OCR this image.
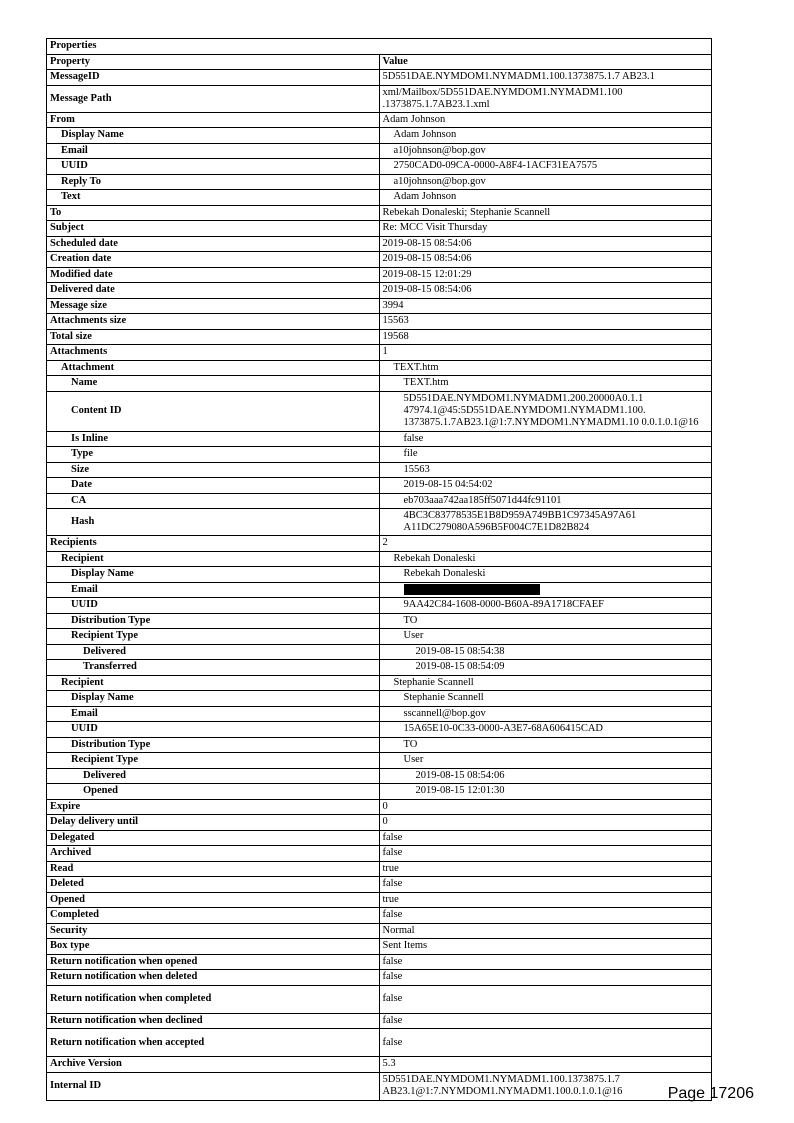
Properties	
Property	Value
MessageID	5D551DAE.NYMDOM1.NYMADM1.100.1373875.1.7 AB23.1
Message Path	xml/Mailbox/5D551DAE.NYMDOM1.NYMADM1.100 .1373875.1.7AB23.1.xml
From	Adam Johnson
Display Name	Adam Johnson
Email	a10johnson@bop.gov
UUID	2750CAD0-09CA-0000-A8F4-1ACF31EA7575
Reply To	a10johnson@bop.gov
Text	Adam Johnson
To	Rebekah Donaleski; Stephanie Scannell
Subject	Re: MCC Visit Thursday
Scheduled date	2019-08-15 08:54:06
Creation date	2019-08-15 08:54:06
Modified date	2019-08-15 12:01:29
Delivered date	2019-08-15 08:54:06
Message size	3994
Attachments size	15563
Total size	19568
Attachments	1
Attachment	TEXT.htm
Name	TEXT.htm
Content ID	5D551DAE.NYMDOM1.NYMADM1.200.20000A0.1.1 47974.1@45:5D551DAE.NYMDOM1.NYMADM1.100. 1373875.1.7AB23.1@1:7.NYMDOM1.NYMADM1.10 0.0.1.0.1@16
Is Inline	false
Type	file
Size	15563
Date	2019-08-15 04:54:02
CA	eb703aaa742aa185ff5071d44fc91101
Hash	4BC3C83778535E1B8D959A749BB1C97345A97A61 A11DC279080A596B5F004C7E1D82B824
Recipients	2
Recipient	Rebekah Donaleski
Display Name	Rebekah Donaleski
Email	
UUID	9AA42C84-1608-0000-B60A-89A1718CFAEF
Distribution Type	TO
Recipient Type	User
Delivered	2019-08-15 08:54:38
Transferred	2019-08-15 08:54:09
Recipient	Stephanie Scannell
Display Name	Stephanie Scannell
Email	sscannell@bop.gov
UUID	15A65E10-0C33-0000-A3E7-68A606415CAD
Distribution Type	TO
Recipient Type	User
Delivered	2019-08-15 08:54:06
Opened	2019-08-15 12:01:30
Expire	0
Delay delivery until	0
Delegated	false
Archived	false
Read	true
Deleted	false
Opened	true
Completed	false
Security	Normal
Box type	Sent Items
Return notification when opened	false
Return notification when deleted	false
Return notification when completed	false
Return notification when declined	false
Return notification when accepted	false
Archive Version	5.3
Internal ID	5D551DAE.NYMDOM1.NYMADM1.100.1373875.1.7 AB23.1@1:7.NYMDOM1.NYMADM1.100.0.1.0.1@16	Page 17206
